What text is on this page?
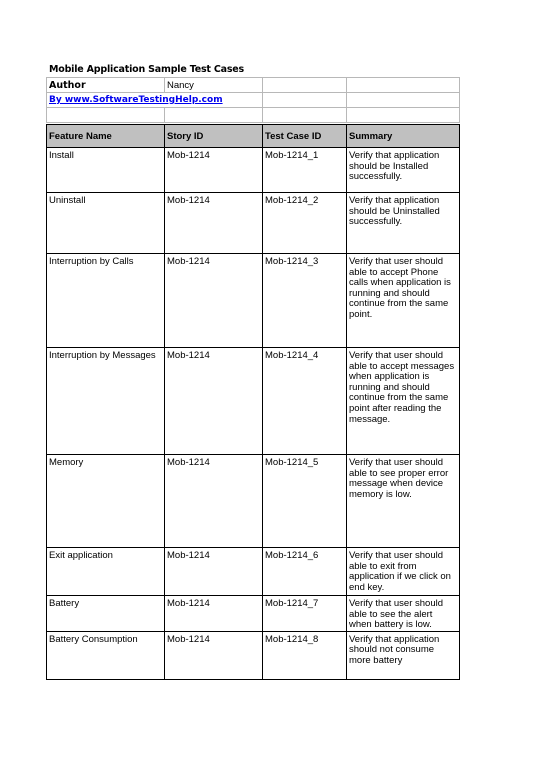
Mobile Application Sample Test Cases
Author	Nancy		
By www.SoftwareTestingHelp.com			

Feature Name	Story ID	Test Case ID	Summary
Install	Mob-1214	Mob-1214_1	Verify that application should be Installed successfully.
Uninstall	Mob-1214	Mob-1214_2	Verify that application should be Uninstalled successfully.
Interruption by Calls	Mob-1214	Mob-1214_3	Verify that user should able to accept Phone calls when application is running and should continue from the same point.
Interruption by Messages	Mob-1214	Mob-1214_4	Verify that user should able to accept messages when application is running and should continue from the same point after reading the message.
Memory	Mob-1214	Mob-1214_5	Verify that user should able to see proper error message when device memory is low.
Exit application	Mob-1214	Mob-1214_6	Verify that user should able to exit from application if we click on end key.
Battery	Mob-1214	Mob-1214_7	Verify that user should able to see the alert when battery is low.
Battery Consumption	Mob-1214	Mob-1214_8	Verify that application should not consume more battery
